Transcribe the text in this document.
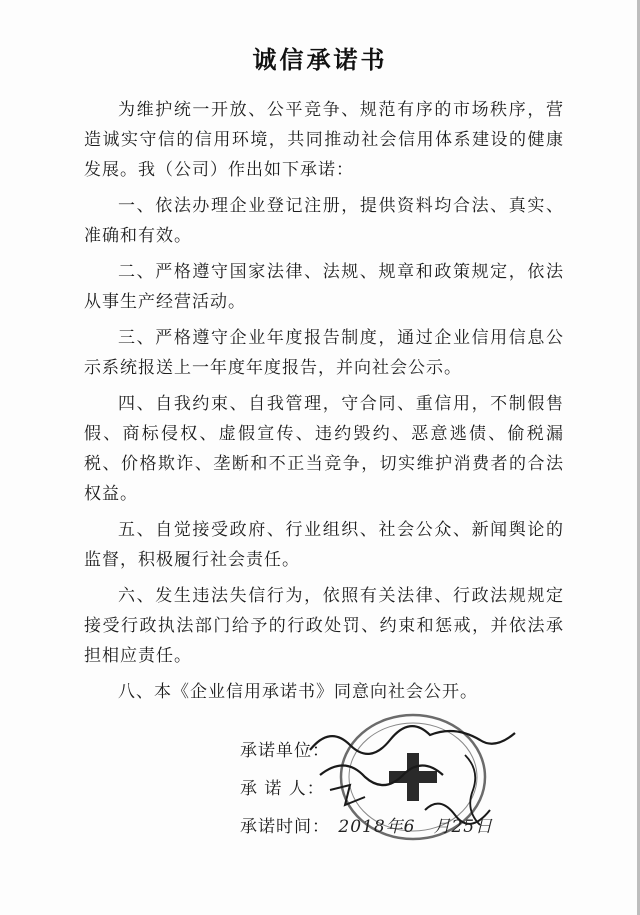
诚信承诺书

为维护统一开放、公平竞争、规范有序的市场秩序，营造诚实守信的信用环境，共同推动社会信用体系建设的健康发展。我（公司）作出如下承诺：

一、依法办理企业登记注册，提供资料均合法、真实、准确和有效。

二、严格遵守国家法律、法规、规章和政策规定，依法从事生产经营活动。

三、严格遵守企业年度报告制度，通过企业信用信息公示系统报送上一年度年度报告，并向社会公示。

四、自我约束、自我管理，守合同、重信用，不制假售假、商标侵权、虚假宣传、违约毁约、恶意逃债、偷税漏税、价格欺诈、垄断和不正当竞争，切实维护消费者的合法权益。

五、自觉接受政府、行业组织、社会公众、新闻舆论的监督，积极履行社会责任。

六、发生违法失信行为，依照有关法律、行政法规规定接受行政执法部门给予的行政处罚、约束和惩戒，并依法承担相应责任。

八、本《企业信用承诺书》同意向社会公开。

承诺单位：
承 诺 人：
承诺时间： 2018年6　月25日
